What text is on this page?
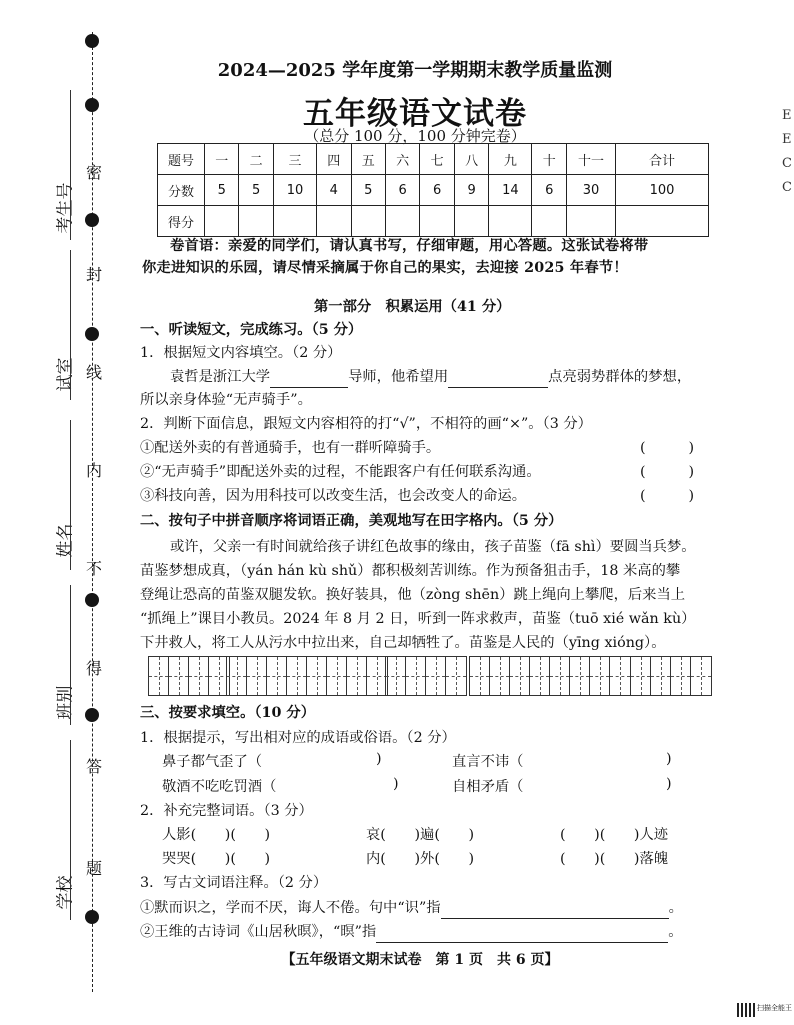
密
封
线
内
不
得
答
题
考生号
试室
姓名
班别
学校
E
E
C
C
2024—2025 学年度第一学期期末教学质量监测
五年级语文试卷
（总分 100 分，100 分钟完卷）
题号	一	二	三	四	五	六	七	八	九	十	十一	合计
分数	5	5	10	4	5	6	6	9	14	6	30	100
得分												
卷首语：亲爱的同学们，请认真书写，仔细审题，用心答题。这张试卷将带
你走进知识的乐园，请尽情采摘属于你自己的果实，去迎接 2025 年春节！
第一部分　积累运用（41 分）
一、听读短文，完成练习。（5 分）
1．根据短文内容填空。（2 分）
袁哲是浙江大学	导师，他希望用	点亮弱势群体的梦想，
所以亲身体验“无声骑手”。
2．判断下面信息，跟短文内容相符的打“√”，不相符的画“×”。（3 分）
①配送外卖的有普通骑手，也有一群听障骑手。	(　　　)
②“无声骑手”即配送外卖的过程，不能跟客户有任何联系沟通。	(　　　)
③科技向善，因为用科技可以改变生活，也会改变人的命运。	(　　　)
二、按句子中拼音顺序将词语正确，美观地写在田字格内。（5 分）
或许，父亲一有时间就给孩子讲红色故事的缘由，孩子苗鉴（fā shì）要圆当兵梦。
苗鉴梦想成真，（yán hán kù shǔ）都积极刻苦训练。作为预备狙击手，18 米高的攀
登绳让恐高的苗鉴双腿发软。换好装具，他（zòng shēn）跳上绳向上攀爬，后来当上
“抓绳上”课目小教员。2024 年 8 月 2 日，听到一阵求救声，苗鉴（tuō xié wǎn kù）
下井救人，将工人从污水中拉出来，自己却牺牲了。苗鉴是人民的（yīng xióng）。
三、按要求填空。（10 分）
1．根据提示，写出相对应的成语或俗语。（2 分）
鼻子都气歪了（	)	直言不讳（	)
敬酒不吃吃罚酒（	)	自相矛盾（	)
2．补充完整词语。（3 分）
人影(　　)(　　)	哀(　　)遍(　　)	(　　)(　　)人迹
哭哭(　　)(　　)	内(　　)外(　　)	(　　)(　　)落魄
3．写古文词语注释。（2 分）
①默而识之，学而不厌，诲人不倦。句中“识”指	。
②王维的古诗词《山居秋暝》，“暝”指	。
【五年级语文期末试卷　第 1 页　共 6 页】
扫描全能王
